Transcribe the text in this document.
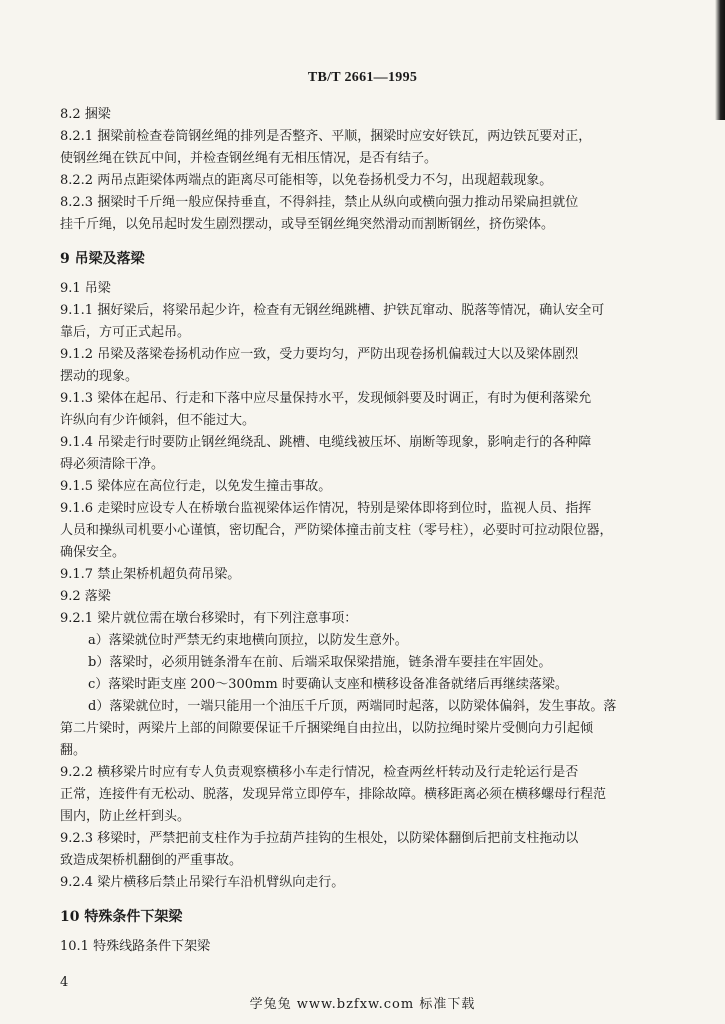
TB/T 2661—1995
8.2 捆梁
8.2.1 捆梁前检查卷筒钢丝绳的排列是否整齐、平顺，捆梁时应安好铁瓦，两边铁瓦要对正，
使钢丝绳在铁瓦中间，并检查钢丝绳有无相压情况，是否有结子。
8.2.2 两吊点距梁体两端点的距离尽可能相等，以免卷扬机受力不匀，出现超载现象。
8.2.3 捆梁时千斤绳一般应保持垂直，不得斜挂，禁止从纵向或横向强力推动吊梁扁担就位
挂千斤绳，以免吊起时发生剧烈摆动，或导至钢丝绳突然滑动而割断钢丝，挤伤梁体。
9 吊梁及落梁
9.1 吊梁
9.1.1 捆好梁后，将梁吊起少许，检查有无钢丝绳跳槽、护铁瓦窜动、脱落等情况，确认安全可
靠后，方可正式起吊。
9.1.2 吊梁及落梁卷扬机动作应一致，受力要均匀，严防出现卷扬机偏载过大以及梁体剧烈
摆动的现象。
9.1.3 梁体在起吊、行走和下落中应尽量保持水平，发现倾斜要及时调正，有时为便利落梁允
许纵向有少许倾斜，但不能过大。
9.1.4 吊梁走行时要防止钢丝绳绕乱、跳槽、电缆线被压坏、崩断等现象，影响走行的各种障
碍必须清除干净。
9.1.5 梁体应在高位行走，以免发生撞击事故。
9.1.6 走梁时应设专人在桥墩台监视梁体运作情况，特别是梁体即将到位时，监视人员、指挥
人员和操纵司机要小心谨慎，密切配合，严防梁体撞击前支柱（零号柱），必要时可拉动限位器，
确保安全。
9.1.7 禁止架桥机超负荷吊梁。
9.2 落梁
9.2.1 梁片就位需在墩台移梁时，有下列注意事项：
a）落梁就位时严禁无约束地横向顶拉，以防发生意外。
b）落梁时，必须用链条滑车在前、后端采取保梁措施，链条滑车要挂在牢固处。
c）落梁时距支座 200～300mm 时要确认支座和横移设备准备就绪后再继续落梁。
d）落梁就位时，一端只能用一个油压千斤顶，两端同时起落，以防梁体偏斜，发生事故。落
第二片梁时，两梁片上部的间隙要保证千斤捆梁绳自由拉出，以防拉绳时梁片受侧向力引起倾
翻。
9.2.2 横移梁片时应有专人负责观察横移小车走行情况，检查两丝杆转动及行走轮运行是否
正常，连接件有无松动、脱落，发现异常立即停车，排除故障。横移距离必须在横移螺母行程范
围内，防止丝杆到头。
9.2.3 移梁时，严禁把前支柱作为手拉葫芦挂钩的生根处，以防梁体翻倒后把前支柱拖动以
致造成架桥机翻倒的严重事故。
9.2.4 梁片横移后禁止吊梁行车沿机臂纵向走行。
10 特殊条件下架梁
10.1 特殊线路条件下架梁
4
学兔兔 www.bzfxw.com 标准下载
